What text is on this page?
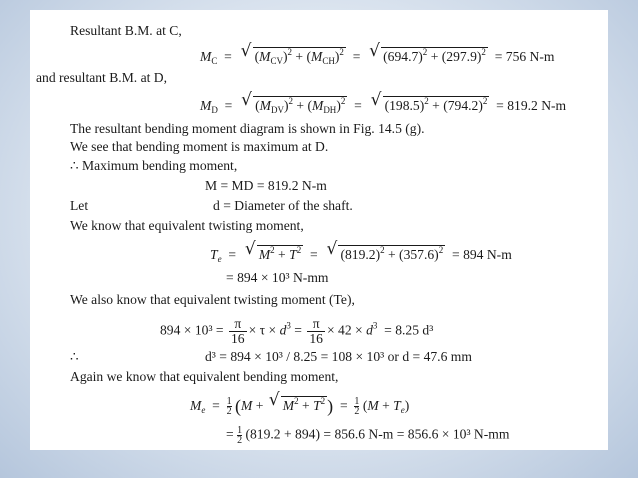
Resultant B.M. at C,
$M_C$  =  √ $(M_{CV})^2 + (M_{CH})^2$  =  √ $(694.7)^2 + (297.9)^2 = 756$ N-m
and resultant B.M. at D,
$M_D$  =  √ $(M_{DV})^2 + (M_{DH})^2$  =  √ $(198.5)^2 + (794.2)^2 = 819.2$ N-m
The resultant bending moment diagram is shown in Fig. 14.5 (g).
We see that bending moment is maximum at D.
∴ Maximum bending moment,
M = MD = 819.2 N-m
Let	d = Diameter of the shaft.
We know that equivalent twisting moment,
$T_e$  =  √ $M^2 + T^2$  =  √ $(819.2)^2 + (357.6)^2 = 894$ N-m
= 894 × 10³ N-mm
We also know that equivalent twisting moment (Te),
$894 \times 10^3 = \frac{\pi}{16} \times \tau \times d^3 = \frac{\pi}{16} \times 42 \times d^3 = 8.25$ d³
∴	d³ = 894 × 10³ / 8.25 = 108 × 10³ or d = 47.6 mm
Again we know that equivalent bending moment,
$M_e = \frac{1}{2} (M$ + √ $M^2 + T^2$ )  = $\frac{1}{2} (M + T_e)$
= $\frac{1}{2} (819.2 + 894) = 856.6$ N-m = 856.6 × 10³ N-mm
